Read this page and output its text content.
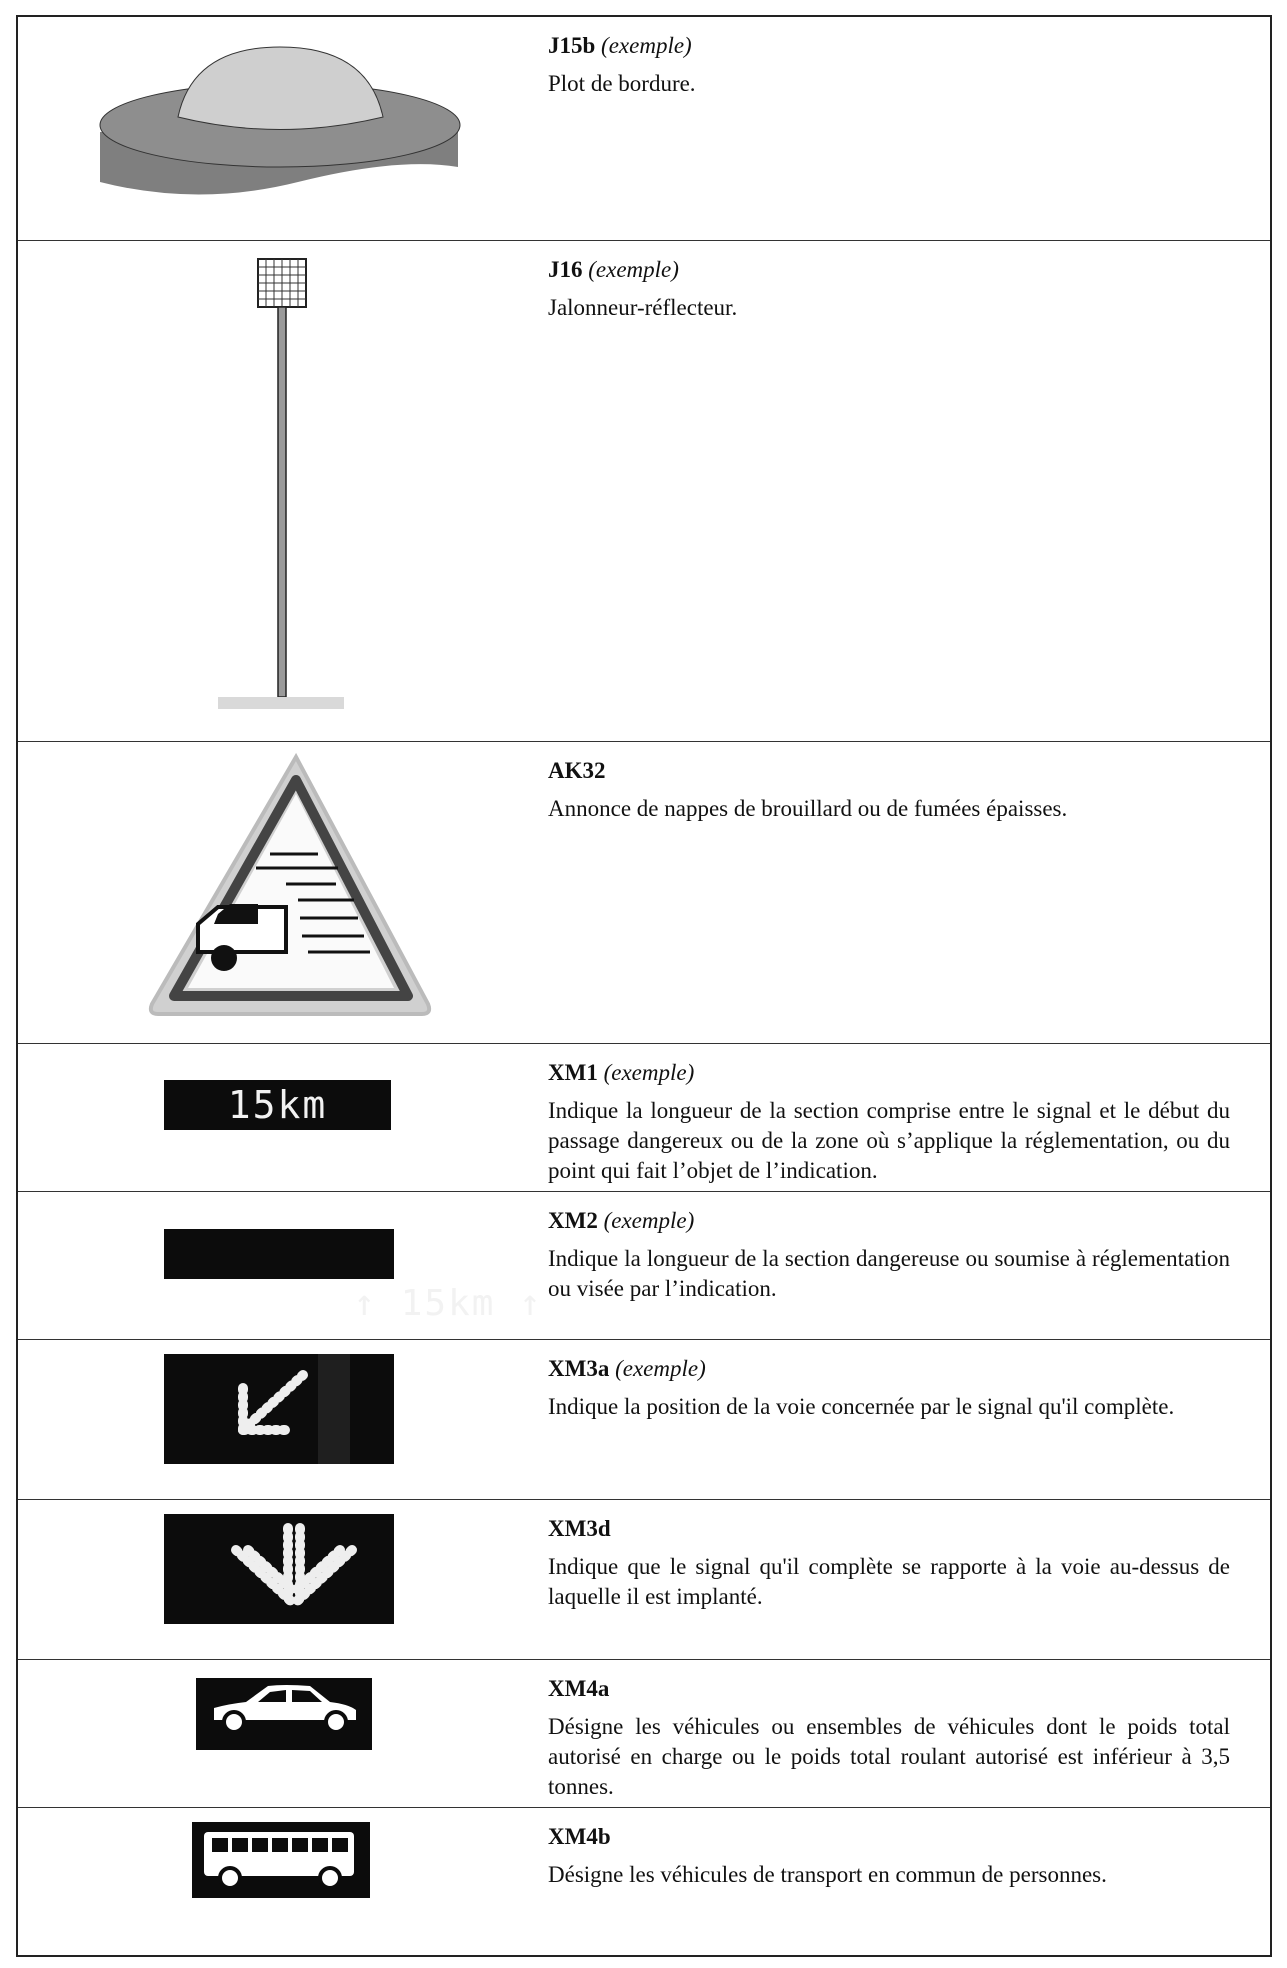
J15b (exemple)
Plot de bordure.
J16 (exemple)
Jalonneur-réflecteur.
AK32
Annonce de nappes de brouillard ou de fumées épaisses.
15km
XM1 (exemple)
Indique la longueur de la section comprise entre le signal et le début du passage dangereux ou de la zone où s’applique la réglementation, ou du point qui fait l’objet de l’indication.

↑ 15km ↑

XM2 (exemple)
Indique la longueur de la section dangereuse ou soumise à réglementation ou visée par l’indication.
XM3a (exemple)
Indique la position de la voie concernée par le signal qu'il complète.
XM3d
Indique que le signal qu'il complète se rapporte à la voie au-dessus de laquelle il est implanté.
XM4a
Désigne les véhicules ou ensembles de véhicules dont le poids total autorisé en charge ou le poids total roulant autorisé est inférieur à 3,5 tonnes.
XM4b
Désigne les véhicules de transport en commun de personnes.
